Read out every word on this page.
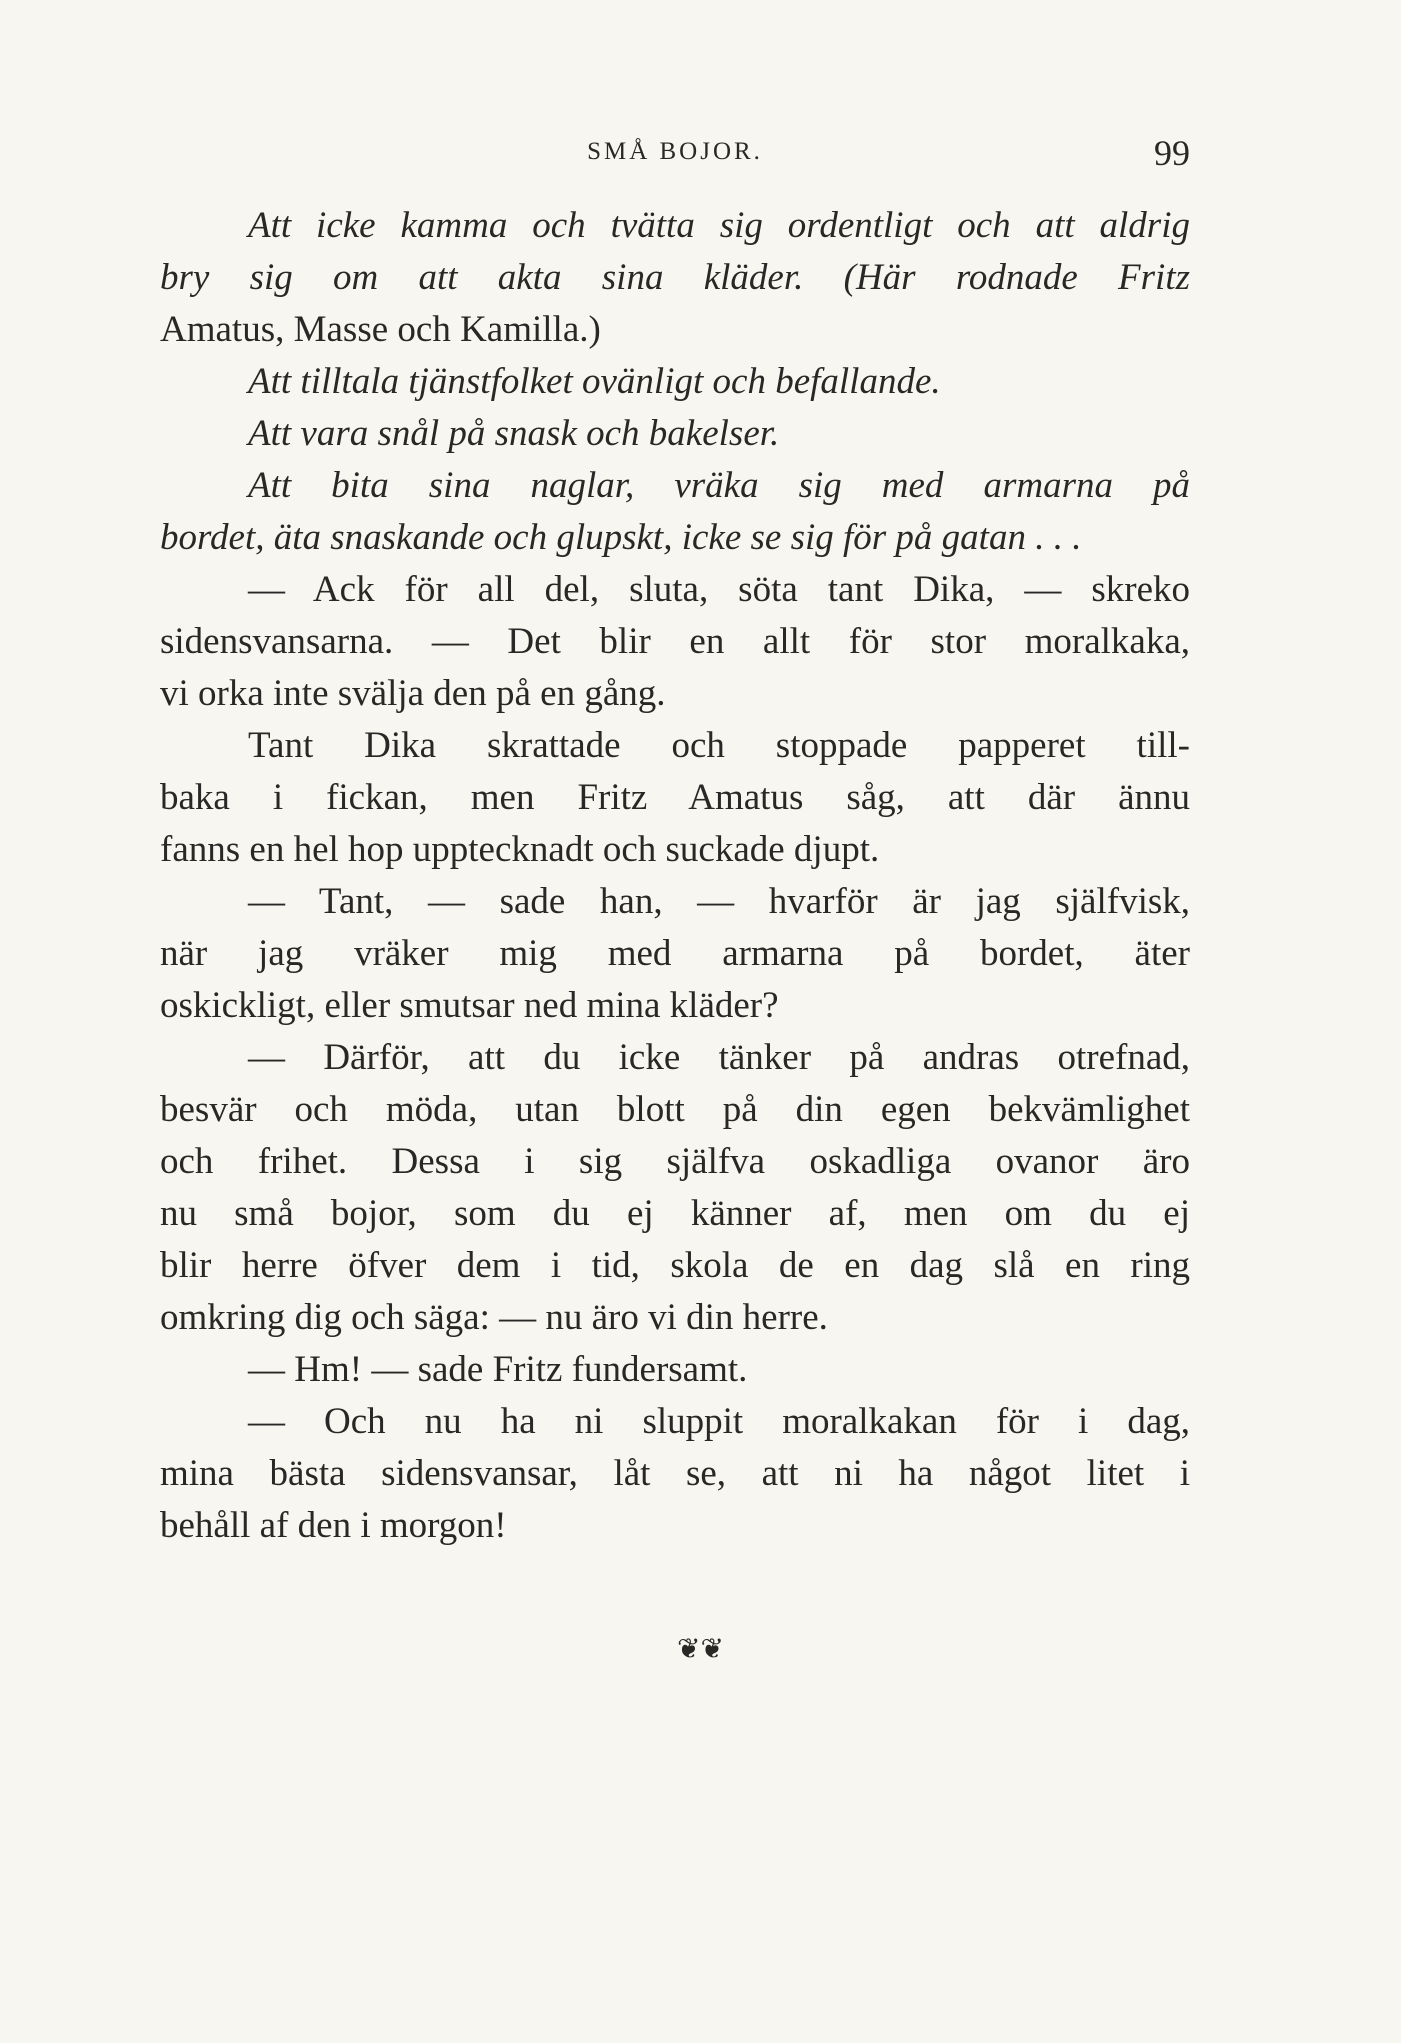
SMÅ BOJOR.	99
Att icke kamma och tvätta sig ordentligt och att aldrig
bry sig om att akta sina kläder. (Här rodnade Fritz
Amatus, Masse och Kamilla.)
Att tilltala tjänstfolket ovänligt och befallande.
Att vara snål på snask och bakelser.
Att bita sina naglar, vräka sig med armarna på
bordet, äta snaskande och glupskt, icke se sig för på gatan . . .
— Ack för all del, sluta, söta tant Dika, — skreko
sidensvansarna. — Det blir en allt för stor moralkaka,
vi orka inte svälja den på en gång.
Tant Dika skrattade och stoppade papperet till-
baka i fickan, men Fritz Amatus såg, att där ännu
fanns en hel hop upptecknadt och suckade djupt.
— Tant, — sade han, — hvarför är jag själfvisk,
när jag vräker mig med armarna på bordet, äter
oskickligt, eller smutsar ned mina kläder?
— Därför, att du icke tänker på andras otrefnad,
besvär och möda, utan blott på din egen bekvämlighet
och frihet. Dessa i sig själfva oskadliga ovanor äro
nu små bojor, som du ej känner af, men om du ej
blir herre öfver dem i tid, skola de en dag slå en ring
omkring dig och säga: — nu äro vi din herre.
— Hm! — sade Fritz fundersamt.
— Och nu ha ni sluppit moralkakan för i dag,
mina bästa sidensvansar, låt se, att ni ha något litet i
behåll af den i morgon!
❦❦
